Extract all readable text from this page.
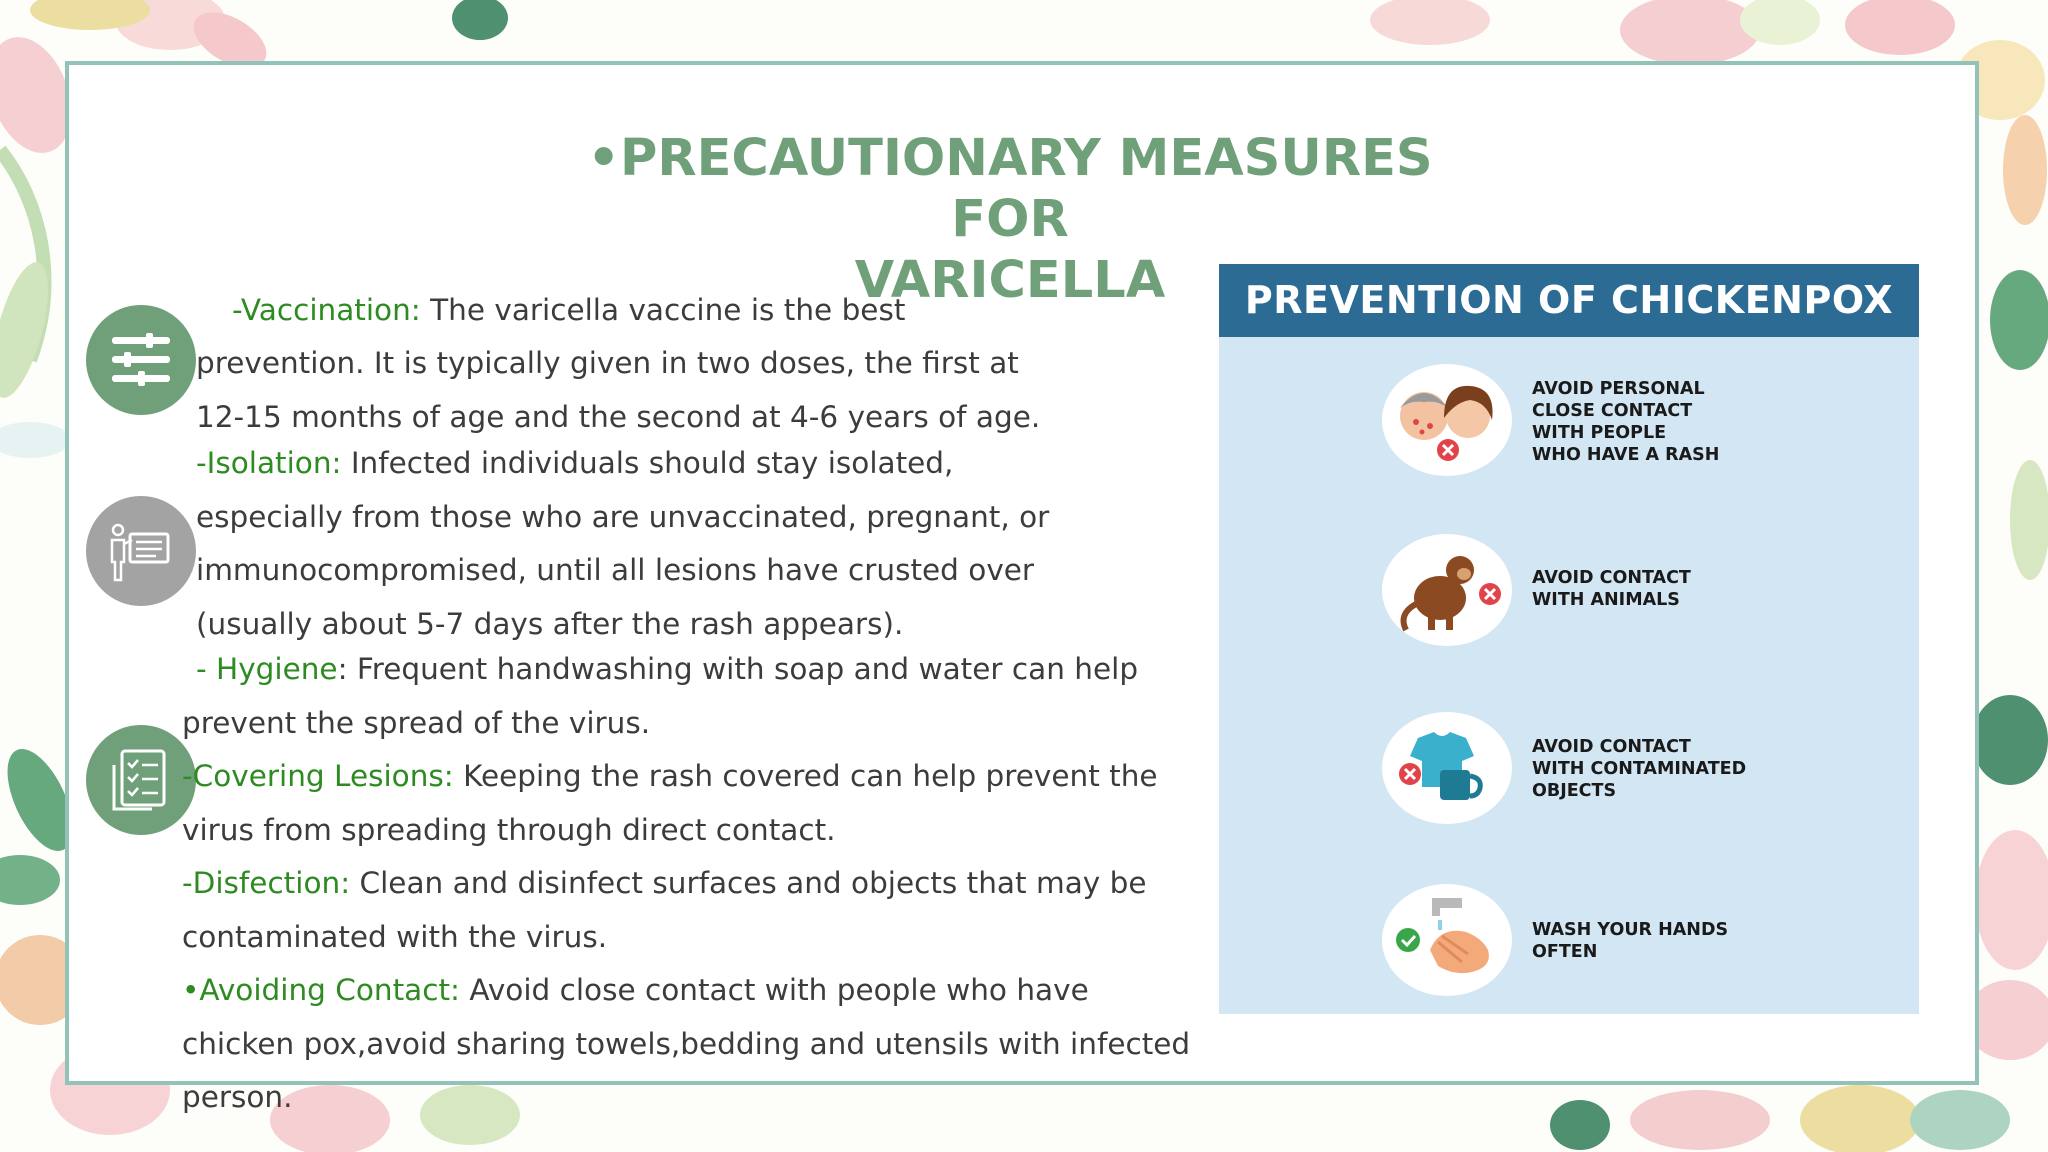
•PRECAUTIONARY MEASURES FOR
VARICELLA
-Vaccination: The varicella vaccine is the best
prevention. It is typically given in two doses, the first at
12-15 months of age and the second at 4-6 years of age.
-Isolation: Infected individuals should stay isolated,
especially from those who are unvaccinated, pregnant, or
immunocompromised, until all lesions have crusted over
(usually about 5-7 days after the rash appears).
- Hygiene: Frequent handwashing with soap and water can help
prevent the spread of the virus.
-Covering Lesions: Keeping the rash covered can help prevent the
virus from spreading through direct contact.
-Disfection: Clean and disinfect surfaces and objects that may be
contaminated with the virus.
•Avoiding Contact: Avoid close contact with people who have
chicken pox,avoid sharing towels,bedding and utensils with infected
person.
PREVENTION OF CHICKENPOX
AVOID PERSONAL
CLOSE CONTACT
WITH PEOPLE
WHO HAVE A RASH
AVOID CONTACT
WITH ANIMALS
AVOID CONTACT
WITH CONTAMINATED
OBJECTS
WASH YOUR HANDS
OFTEN
